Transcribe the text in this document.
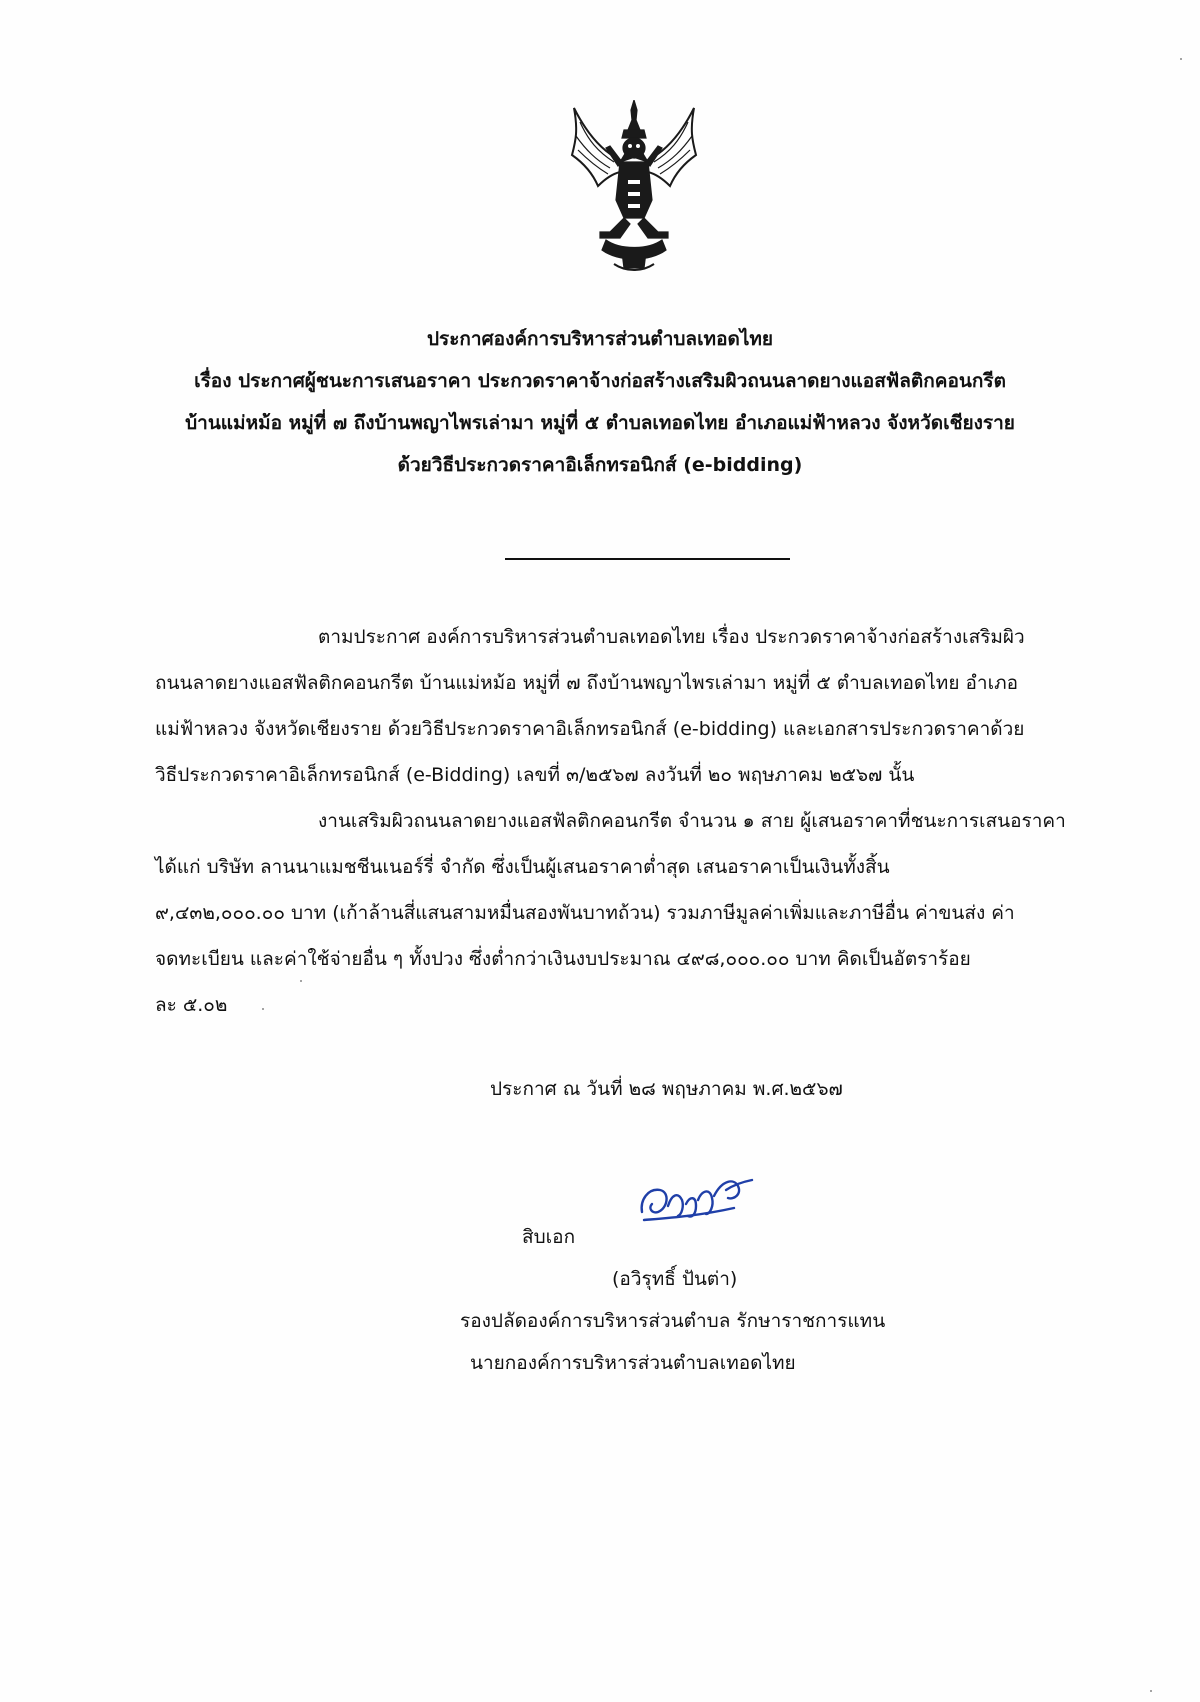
ประกาศองค์การบริหารส่วนตำบลเทอดไทย
เรื่อง ประกาศผู้ชนะการเสนอราคา ประกวดราคาจ้างก่อสร้างเสริมผิวถนนลาดยางแอสฟัลติกคอนกรีต
บ้านแม่หม้อ หมู่ที่ ๗ ถึงบ้านพญาไพรเล่ามา หมู่ที่ ๕ ตำบลเทอดไทย อำเภอแม่ฟ้าหลวง จังหวัดเชียงราย
ด้วยวิธีประกวดราคาอิเล็กทรอนิกส์ (e-bidding)
ตามประกาศ องค์การบริหารส่วนตำบลเทอดไทย เรื่อง ประกวดราคาจ้างก่อสร้างเสริมผิว
ถนนลาดยางแอสฟัลติกคอนกรีต บ้านแม่หม้อ หมู่ที่ ๗ ถึงบ้านพญาไพรเล่ามา หมู่ที่ ๕ ตำบลเทอดไทย อำเภอ
แม่ฟ้าหลวง จังหวัดเชียงราย ด้วยวิธีประกวดราคาอิเล็กทรอนิกส์ (e-bidding) และเอกสารประกวดราคาด้วย
วิธีประกวดราคาอิเล็กทรอนิกส์ (e-Bidding) เลขที่ ๓/๒๕๖๗ ลงวันที่ ๒๐ พฤษภาคม ๒๕๖๗ นั้น
งานเสริมผิวถนนลาดยางแอสฟัลติกคอนกรีต จำนวน ๑ สาย ผู้เสนอราคาที่ชนะการเสนอราคา
ได้แก่ บริษัท ลานนาแมชชีนเนอร์รี่ จำกัด ซึ่งเป็นผู้เสนอราคาต่ำสุด เสนอราคาเป็นเงินทั้งสิ้น
๙,๔๓๒,๐๐๐.๐๐ บาท (เก้าล้านสี่แสนสามหมื่นสองพันบาทถ้วน) รวมภาษีมูลค่าเพิ่มและภาษีอื่น ค่าขนส่ง ค่า
จดทะเบียน และค่าใช้จ่ายอื่น ๆ ทั้งปวง ซึ่งต่ำกว่าเงินงบประมาณ ๔๙๘,๐๐๐.๐๐ บาท คิดเป็นอัตราร้อย
ละ ๕.๐๒
ประกาศ ณ วันที่ ๒๘ พฤษภาคม พ.ศ.๒๕๖๗
สิบเอก
(อวิรุทธิ์ ปันต่า)
รองปลัดองค์การบริหารส่วนตำบล รักษาราชการแทน
นายกองค์การบริหารส่วนตำบลเทอดไทย
